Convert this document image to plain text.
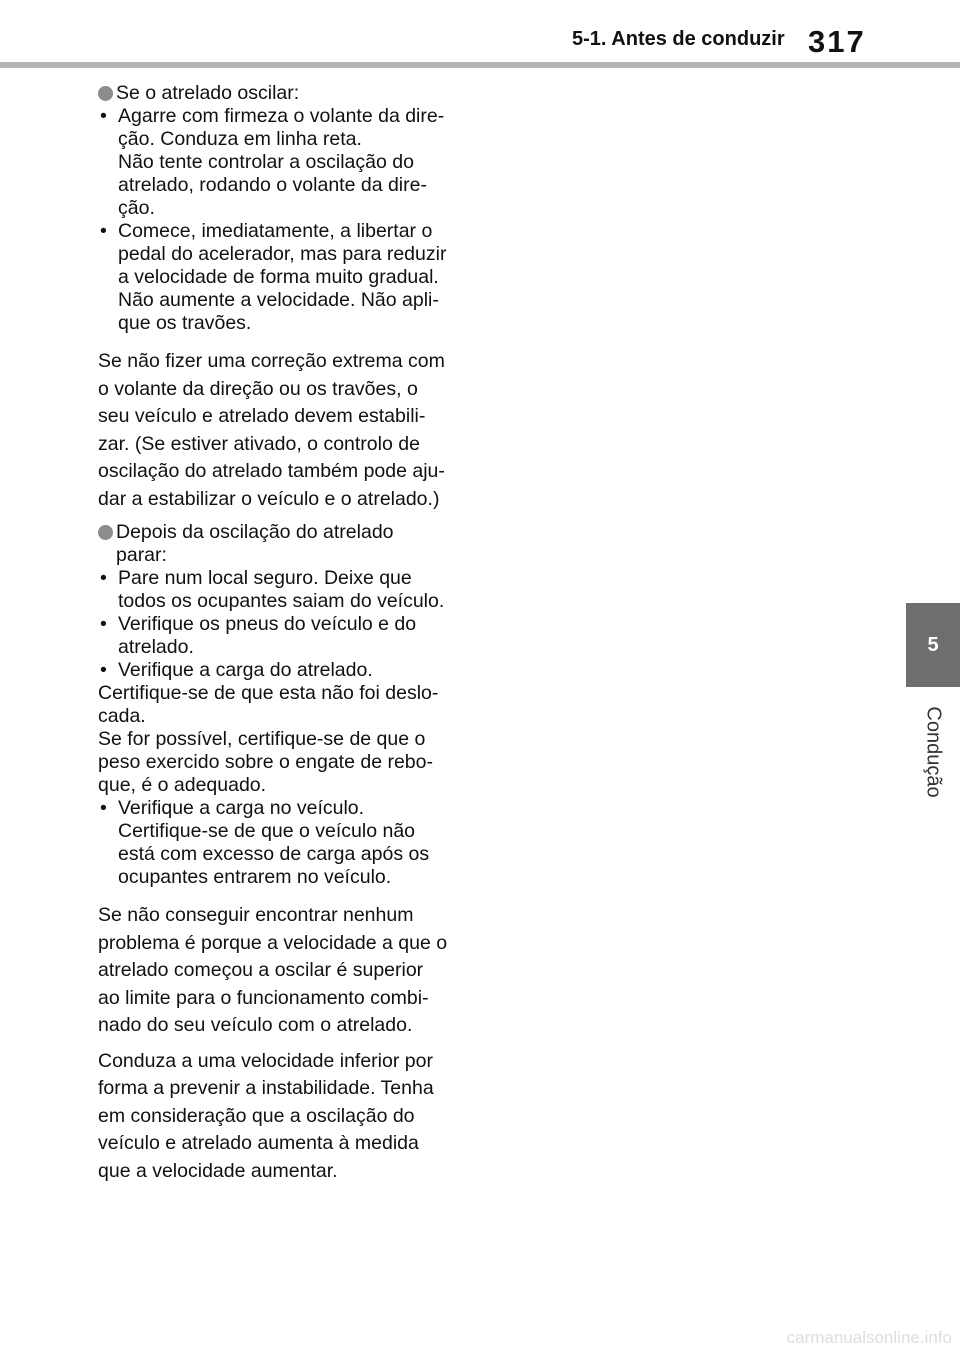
5-1. Antes de conduzir 317
5
Condução
Se o atrelado oscilar:
• Agarre com firmeza o volante da dire-
ção. Conduza em linha reta.
Não tente controlar a oscilação do
atrelado, rodando o volante da dire-
ção.
• Comece, imediatamente, a libertar o
pedal do acelerador, mas para reduzir
a velocidade de forma muito gradual.
Não aumente a velocidade. Não apli-
que os travões.
Se não fizer uma correção extrema com
o volante da direção ou os travões, o
seu veículo e atrelado devem estabili-
zar. (Se estiver ativado, o controlo de
oscilação do atrelado também pode aju-
dar a estabilizar o veículo e o atrelado.)
Depois da oscilação do atrelado
parar:
• Pare num local seguro. Deixe que
todos os ocupantes saiam do veículo.
• Verifique os pneus do veículo e do
atrelado.
• Verifique a carga do atrelado.
Certifique-se de que esta não foi deslo-
cada.
Se for possível, certifique-se de que o
peso exercido sobre o engate de rebo-
que, é o adequado.
• Verifique a carga no veículo.
Certifique-se de que o veículo não
está com excesso de carga após os
ocupantes entrarem no veículo.
Se não conseguir encontrar nenhum
problema é porque a velocidade a que o
atrelado começou a oscilar é superior
ao limite para o funcionamento combi-
nado do seu veículo com o atrelado.
Conduza a uma velocidade inferior por
forma a prevenir a instabilidade. Tenha
em consideração que a oscilação do
veículo e atrelado aumenta à medida
que a velocidade aumentar.
carmanualsonline.info
